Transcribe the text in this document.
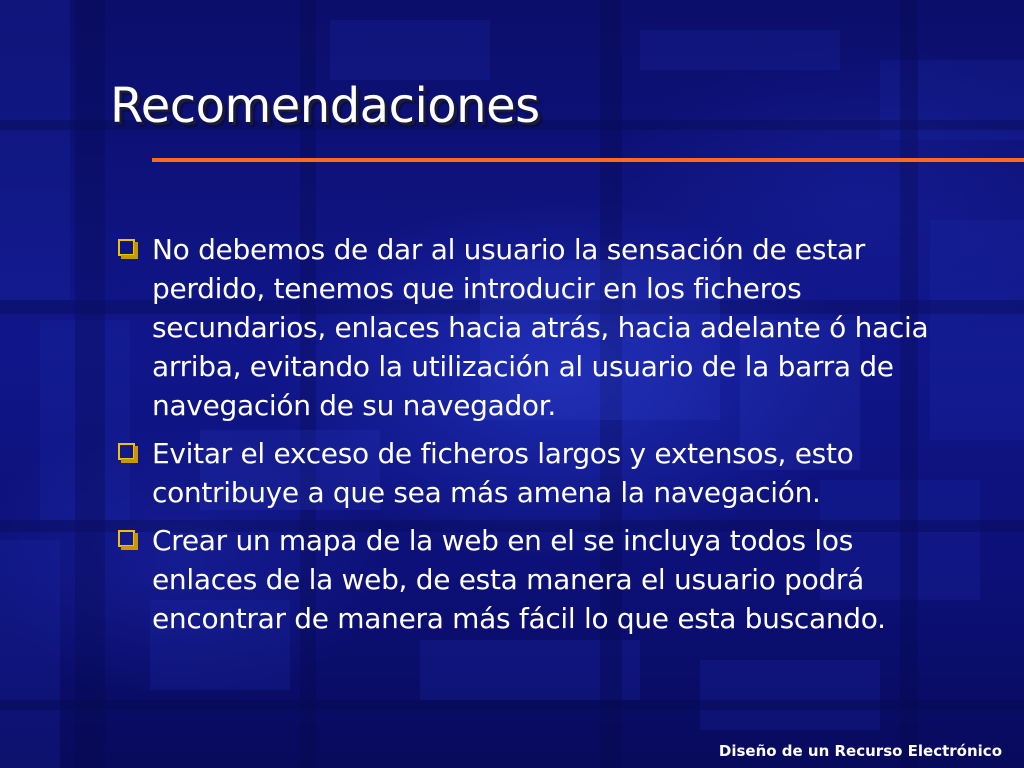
Recomendaciones
No debemos de dar al usuario la sensación de estar perdido, tenemos que introducir en los ficheros secundarios, enlaces hacia atrás, hacia adelante ó hacia arriba, evitando la utilización al usuario de la barra de navegación de su navegador.
Evitar el exceso de ficheros largos y extensos, esto contribuye a que sea más amena la navegación.
Crear un mapa de la web en el se incluya todos los enlaces de la web, de esta manera el usuario podrá encontrar de manera más fácil lo que esta buscando.
Diseño de un Recurso Electrónico
